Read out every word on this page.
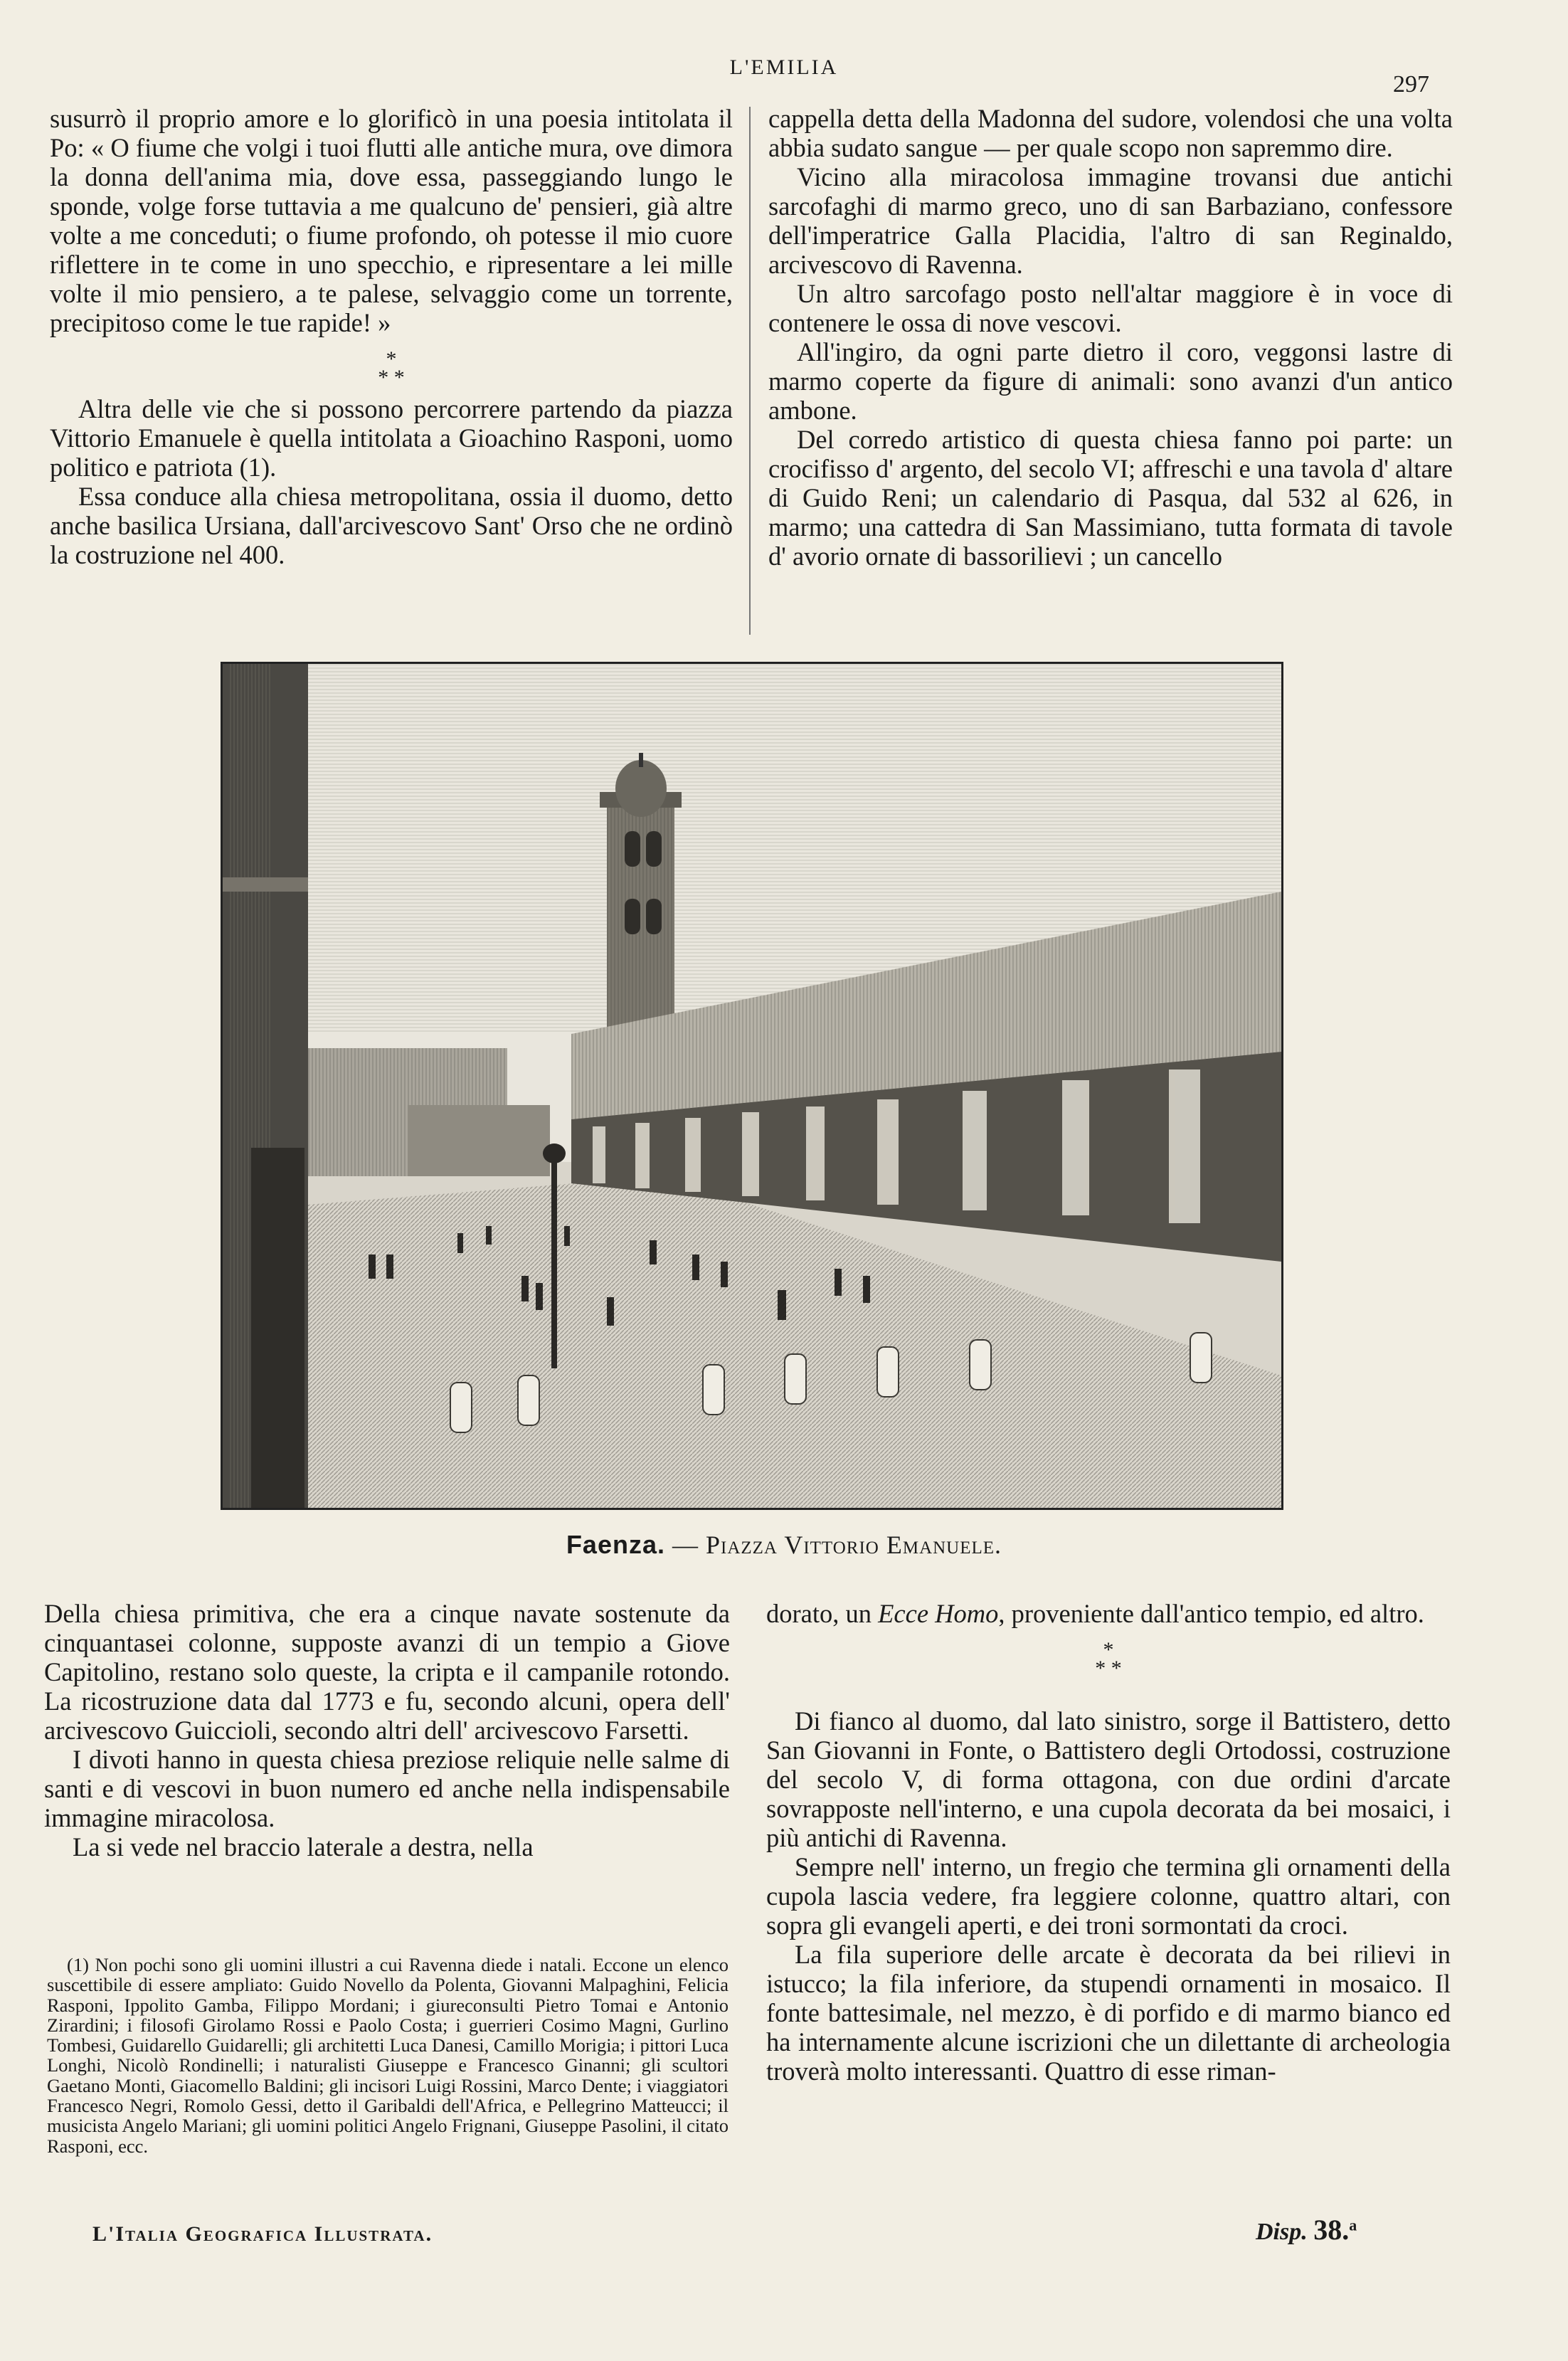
L'EMILIA
297

susurrò il proprio amore e lo glorificò in una poesia intitolata il Po: « O fiume che volgi i tuoi flutti alle antiche mura, ove dimora la donna dell'anima mia, dove essa, passeggiando lungo le sponde, volge forse tuttavia a me qualcuno de' pensieri, già altre volte a me conceduti; o fiume profondo, oh potesse il mio cuore riflettere in te come in uno specchio, e ripresentare a lei mille volte il mio pensiero, a te palese, selvaggio come un torrente, precipitoso come le tue rapide! »

*
* *

Altra delle vie che si possono percorrere partendo da piazza Vittorio Emanuele è quella intitolata a Gioachino Rasponi, uomo politico e patriota (1).

Essa conduce alla chiesa metropolitana, ossia il duomo, detto anche basilica Ursiana, dall'arcivescovo Sant' Orso che ne ordinò la costruzione nel 400.

cappella detta della Madonna del sudore, volendosi che una volta abbia sudato sangue — per quale scopo non sapremmo dire.

Vicino alla miracolosa immagine trovansi due antichi sarcofaghi di marmo greco, uno di san Barbaziano, confessore dell'imperatrice Galla Placidia, l'altro di san Reginaldo, arcivescovo di Ravenna.

Un altro sarcofago posto nell'altar maggiore è in voce di contenere le ossa di nove vescovi.

All'ingiro, da ogni parte dietro il coro, veggonsi lastre di marmo coperte da figure di animali: sono avanzi d'un antico ambone.

Del corredo artistico di questa chiesa fanno poi parte: un crocifisso d' argento, del secolo VI; affreschi e una tavola d' altare di Guido Reni; un calendario di Pasqua, dal 532 al 626, in marmo; una cattedra di San Massimiano, tutta formata di tavole d' avorio ornate di bassorilievi ; un cancello

Faenza. — Piazza Vittorio Emanuele.

Della chiesa primitiva, che era a cinque navate sostenute da cinquantasei colonne, supposte avanzi di un tempio a Giove Capitolino, restano solo queste, la cripta e il campanile rotondo. La ricostruzione data dal 1773 e fu, secondo alcuni, opera dell' arcivescovo Guiccioli, secondo altri dell' arcivescovo Farsetti.

I divoti hanno in questa chiesa preziose reliquie nelle salme di santi e di vescovi in buon numero ed anche nella indispensabile immagine miracolosa.

La si vede nel braccio laterale a destra, nella

(1) Non pochi sono gli uomini illustri a cui Ravenna diede i natali. Eccone un elenco suscettibile di essere ampliato: Guido Novello da Polenta, Giovanni Malpaghini, Felicia Rasponi, Ippolito Gamba, Filippo Mordani; i giureconsulti Pietro Tomai e Antonio Zirardini; i filosofi Girolamo Rossi e Paolo Costa; i guerrieri Cosimo Magni, Gurlino Tombesi, Guidarello Guidarelli; gli architetti Luca Danesi, Camillo Morigia; i pittori Luca Longhi, Nicolò Rondinelli; i naturalisti Giuseppe e Francesco Ginanni; gli scultori Gaetano Monti, Giacomello Baldini; gli incisori Luigi Rossini, Marco Dente; i viaggiatori Francesco Negri, Romolo Gessi, detto il Garibaldi dell'Africa, e Pellegrino Matteucci; il musicista Angelo Mariani; gli uomini politici Angelo Frignani, Giuseppe Pasolini, il citato Rasponi, ecc.

dorato, un Ecce Homo, proveniente dall'antico tempio, ed altro.

*
* *

Di fianco al duomo, dal lato sinistro, sorge il Battistero, detto San Giovanni in Fonte, o Battistero degli Ortodossi, costruzione del secolo V, di forma ottagona, con due ordini d'arcate sovrapposte nell'interno, e una cupola decorata da bei mosaici, i più antichi di Ravenna.

Sempre nell' interno, un fregio che termina gli ornamenti della cupola lascia vedere, fra leggiere colonne, quattro altari, con sopra gli evangeli aperti, e dei troni sormontati da croci.

La fila superiore delle arcate è decorata da bei rilievi in istucco; la fila inferiore, da stupendi ornamenti in mosaico. Il fonte battesimale, nel mezzo, è di porfido e di marmo bianco ed ha internamente alcune iscrizioni che un dilettante di archeologia troverà molto interessanti. Quattro di esse riman-

L'Italia Geografica Illustrata.	Disp. 38.$^a$
